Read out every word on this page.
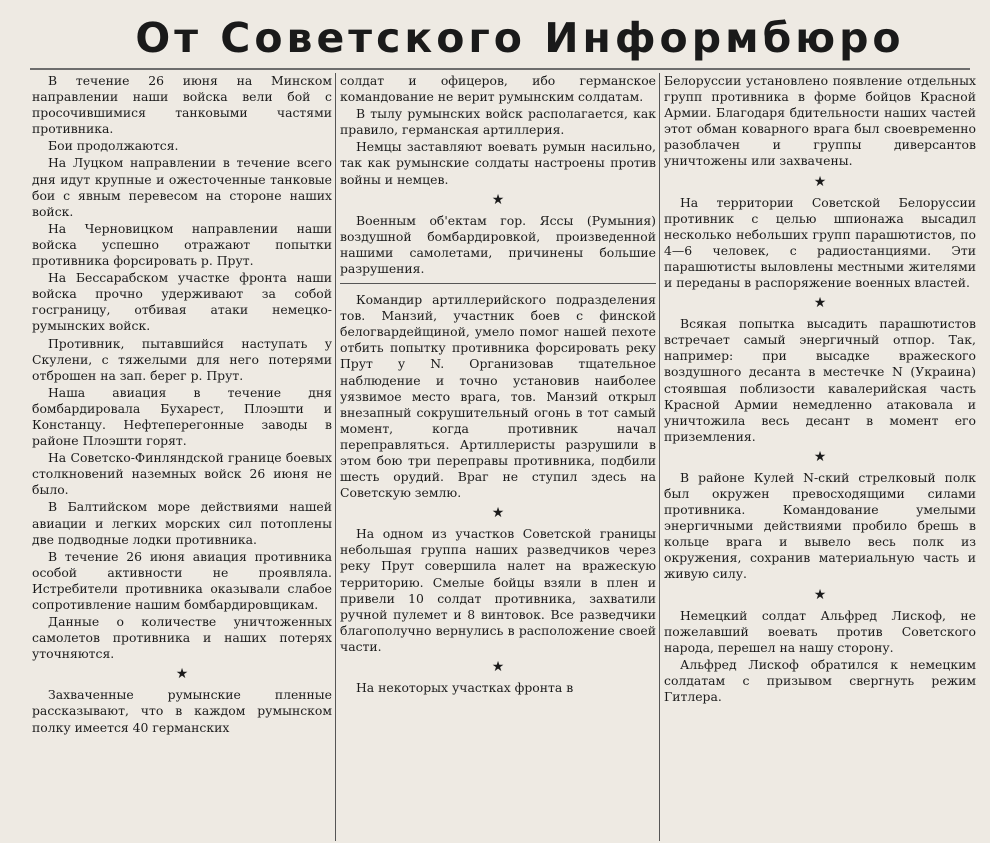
От Советского Информбюро

В течение 26 июня на Минском направлении наши войска вели бой с просочившимися танковыми частями противника.

Бои продолжаются.

На Луцком направлении в течение всего дня идут крупные и ожесточенные танковые бои с явным перевесом на стороне наших войск.

На Черновицком направлении наши войска успешно отражают попытки противника форсировать р. Прут.

На Бессарабском участке фронта наши войска прочно удерживают за собой госграницу, отбивая атаки немецко-румынских войск.

Противник, пытавшийся наступать у Скулени, с тяжелыми для него потерями отброшен на зап. берег р. Прут.

Наша авиация в течение дня бомбардировала Бухарест, Плоэшти и Констанцу. Нефтеперегонные заводы в районе Плоэшти горят.

На Советско-Финляндской границе боевых столкновений наземных войск 26 июня не было.

В Балтийском море действиями нашей авиации и легких морских сил потоплены две подводные лодки противника.

В течение 26 июня авиация противника особой активности не проявляла. Истребители противника оказывали слабое сопротивление нашим бомбардировщикам.

Данные о количестве уничтоженных самолетов противника и наших потерях уточняются.

★

Захваченные румынские пленные рассказывают, что в каждом румынском полку имеется 40 германских

солдат и офицеров, ибо германское командование не верит румынским солдатам.

В тылу румынских войск располагается, как правило, германская артиллерия.

Немцы заставляют воевать румын насильно, так как румынские солдаты настроены против войны и немцев.

★

Военным об'ектам гор. Яссы (Румыния) воздушной бомбардировкой, произведенной нашими самолетами, причинены большие разрушения.

Командир артиллерийского подразделения тов. Манзий, участник боев с финской белогвардейщиной, умело помог нашей пехоте отбить попытку противника форсировать реку Прут у N. Организовав тщательное наблюдение и точно установив наиболее уязвимое место врага, тов. Манзий открыл внезапный сокрушительный огонь в тот самый момент, когда противник начал переправляться. Артиллеристы разрушили в этом бою три переправы противника, подбили шесть орудий. Враг не ступил здесь на Советскую землю.

★

На одном из участков Советской границы небольшая группа наших разведчиков через реку Прут совершила налет на вражескую территорию. Смелые бойцы взяли в плен и привели 10 солдат противника, захватили ручной пулемет и 8 винтовок. Все разведчики благополучно вернулись в расположение своей части.

★

На некоторых участках фронта в

Белоруссии установлено появление отдельных групп противника в форме бойцов Красной Армии. Благодаря бдительности наших частей этот обман коварного врага был своевременно разоблачен и группы диверсантов уничтожены или захвачены.

★

На территории Советской Белоруссии противник с целью шпионажа высадил несколько небольших групп парашютистов, по 4—6 человек, с радиостанциями. Эти парашютисты выловлены местными жителями и переданы в распоряжение военных властей.

★

Всякая попытка высадить парашютистов встречает самый энергичный отпор. Так, например: при высадке вражеского воздушного десанта в местечке N (Украина) стоявшая поблизости кавалерийская часть Красной Армии немедленно атаковала и уничтожила весь десант в момент его приземления.

★

В районе Кулей N-ский стрелковый полк был окружен превосходящими силами противника. Командование умелыми энергичными действиями пробило брешь в кольце врага и вывело весь полк из окружения, сохранив материальную часть и живую силу.

★

Немецкий солдат Альфред Лискоф, не пожелавший воевать против Советского народа, перешел на нашу сторону.

Альфред Лискоф обратился к немецким солдатам с призывом свергнуть режим Гитлера.
